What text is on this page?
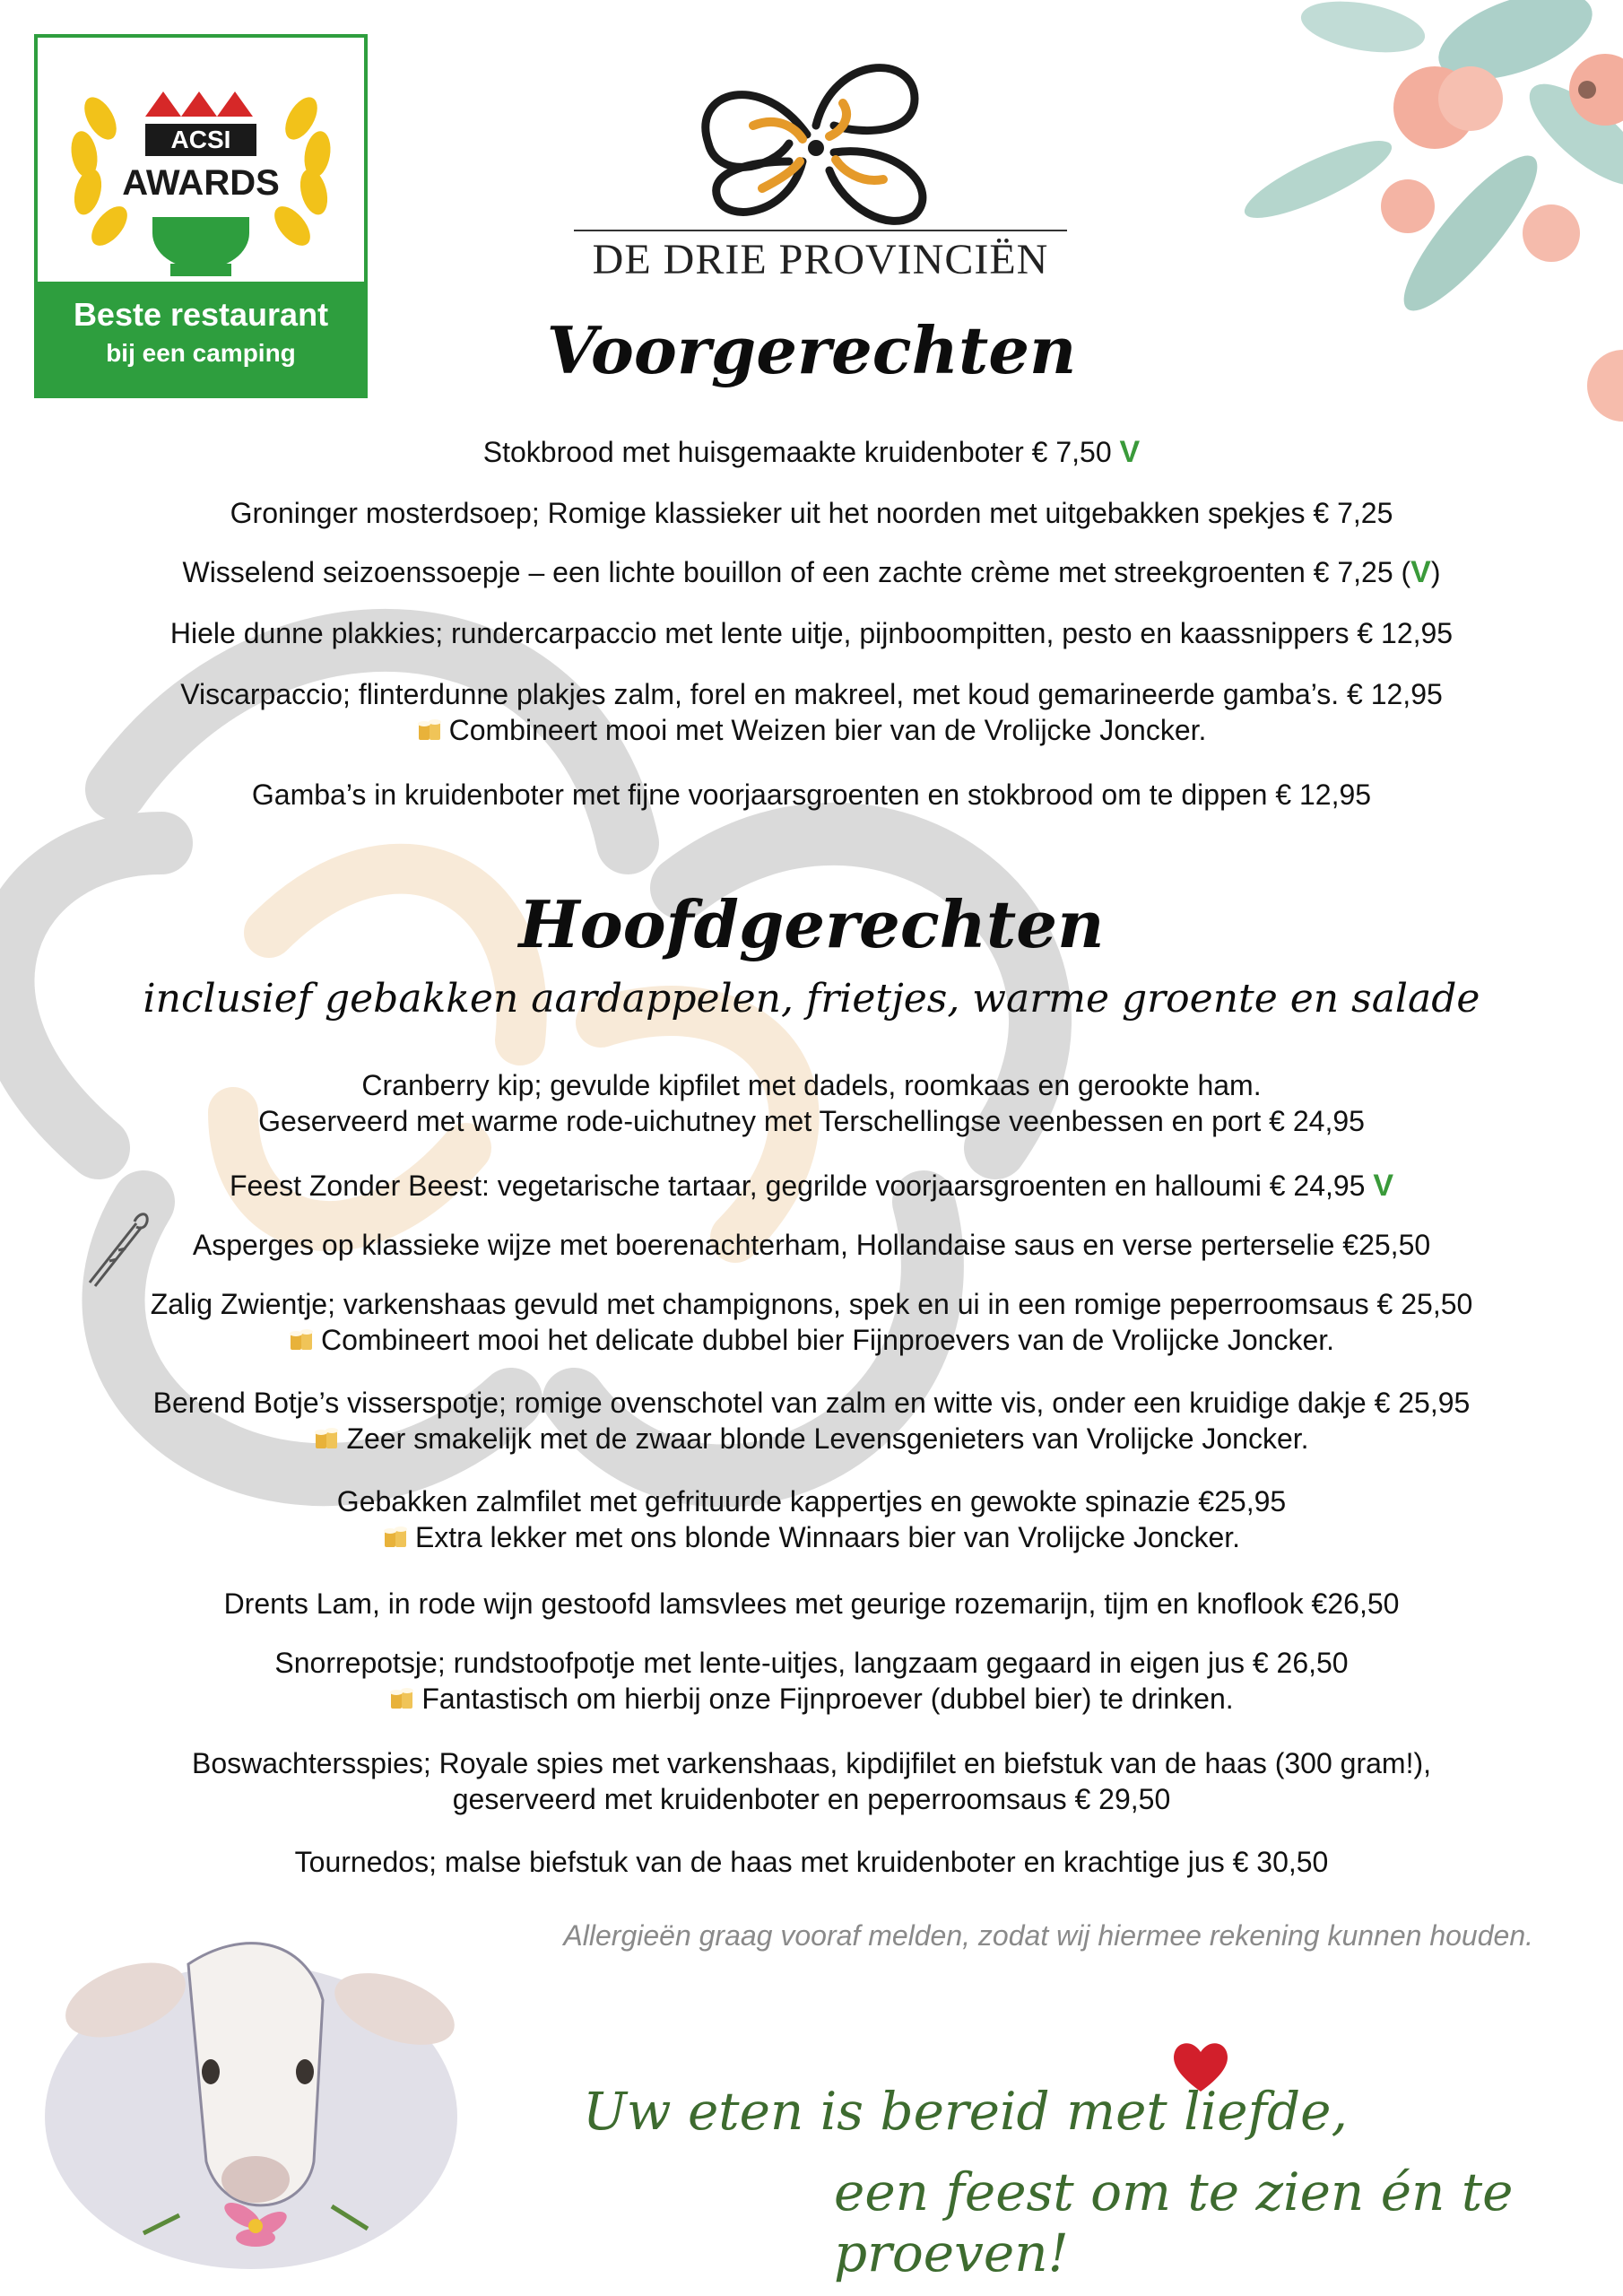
ACSI
AWARDS
Beste restaurant
bij een camping
DE DRIE PROVINCIËN
Voorgerechten
Stokbrood met huisgemaakte kruidenboter € 7,50 V
Groninger mosterdsoep; Romige klassieker uit het noorden met uitgebakken spekjes € 7,25
Wisselend seizoenssoepje – een lichte bouillon of een zachte crème met streekgroenten € 7,25 (V)
Hiele dunne plakkies; rundercarpaccio met lente uitje, pijnboompitten, pesto en kaassnippers € 12,95
Viscarpaccio; flinterdunne plakjes zalm, forel en makreel, met koud gemarineerde gamba’s. € 12,95
Combineert mooi met Weizen bier van de Vrolijcke Joncker.
Gamba’s in kruidenboter met fijne voorjaarsgroenten en stokbrood om te dippen € 12,95
Hoofdgerechten
inclusief gebakken aardappelen, frietjes, warme groente en salade
Cranberry kip; gevulde kipfilet met dadels, roomkaas en gerookte ham.
Geserveerd met warme rode-uichutney met Terschellingse veenbessen en port € 24,95
Feest Zonder Beest: vegetarische tartaar, gegrilde voorjaarsgroenten en halloumi € 24,95 V
Asperges op klassieke wijze met boerenachterham, Hollandaise saus en verse perterselie €25,50
Zalig Zwientje; varkenshaas gevuld met champignons, spek en ui in een romige peperroomsaus € 25,50
Combineert mooi het delicate dubbel bier Fijnproevers van de Vrolijcke Joncker.
Berend Botje’s visserspotje; romige ovenschotel van zalm en witte vis, onder een kruidige dakje € 25,95
Zeer smakelijk met de zwaar blonde Levensgenieters van Vrolijcke Joncker.
Gebakken zalmfilet met gefrituurde kappertjes en gewokte spinazie €25,95
Extra lekker met ons blonde Winnaars bier van Vrolijcke Joncker.
Drents Lam, in rode wijn gestoofd lamsvlees met geurige rozemarijn, tijm en knoflook €26,50
Snorrepotsje; rundstoofpotje met lente-uitjes, langzaam gegaard in eigen jus € 26,50
Fantastisch om hierbij onze Fijnproever (dubbel bier) te drinken.
Boswachtersspies; Royale spies met varkenshaas, kipdijfilet en biefstuk van de haas (300 gram!),
geserveerd met kruidenboter en peperroomsaus € 29,50
Tournedos; malse biefstuk van de haas met kruidenboter en krachtige jus € 30,50
Allergieën graag vooraf melden, zodat wij hiermee rekening kunnen houden.
Uw eten is bereid met liefde,
een feest om te zien én te proeven!
